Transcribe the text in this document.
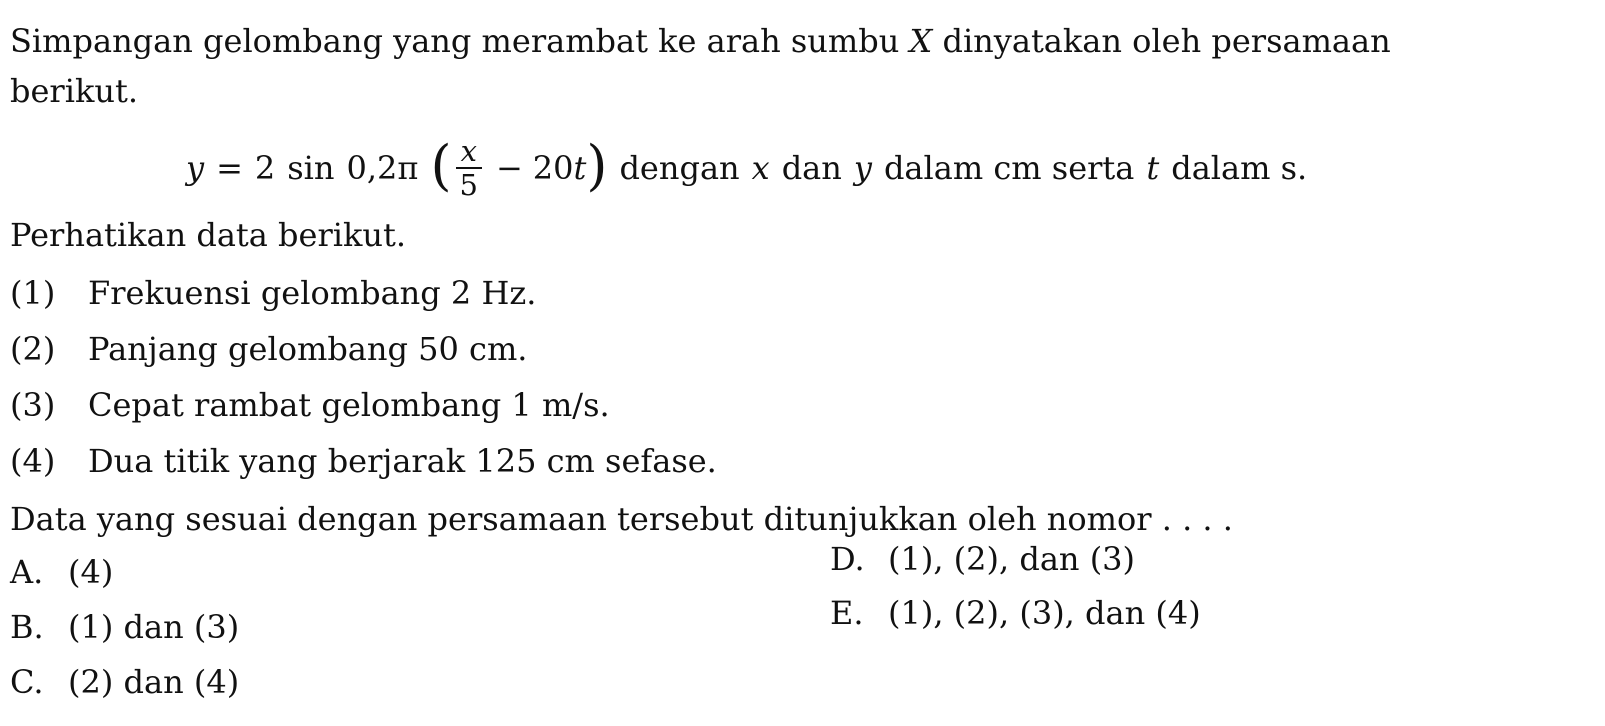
Simpangan gelombang yang merambat ke arah sumbu X dinyatakan oleh persamaan
berikut.
y = 2 sin 0,2π ( $\frac{x}{5} - 20$ t ) dengan x dan y dalam cm serta t dalam s.
Perhatikan data berikut.
(1) Frekuensi gelombang 2 Hz.
(2) Panjang gelombang 50 cm.
(3) Cepat rambat gelombang 1 m/s.
(4) Dua titik yang berjarak 125 cm sefase.
Data yang sesuai dengan persamaan tersebut ditunjukkan oleh nomor . . . .
A. (4)
B. (1) dan (3)
C. (2) dan (4)
D. (1), (2), dan (3)
E. (1), (2), (3), dan (4)
